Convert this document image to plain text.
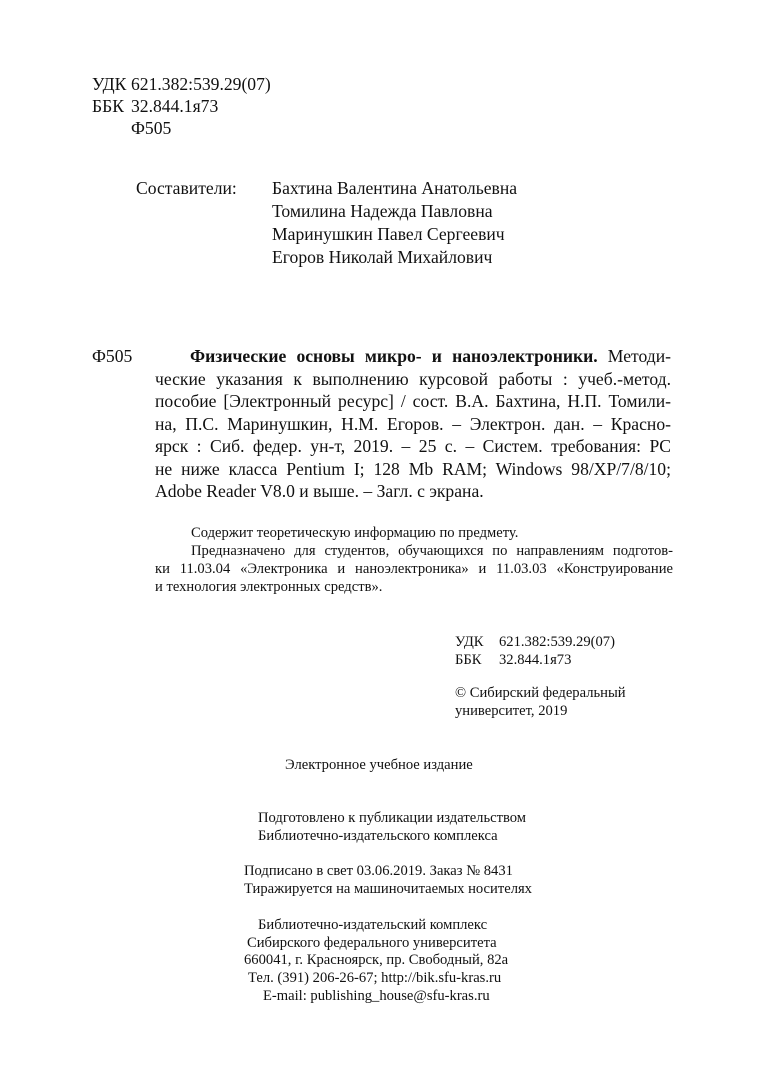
УДК 621.382:539.29(07)
ББК 32.844.1я73
Ф505
Составители: Бахтина Валентина Анатольевна
Томилина Надежда Павловна
Маринушкин Павел Сергеевич
Егоров Николай Михайлович
Ф505	Физические основы микро- и наноэлектроники. Методи-
ческие указания к выполнению курсовой работы : учеб.-метод.
пособие [Электронный ресурс] / сост. В.А. Бахтина, Н.П. Томили-
на, П.С. Маринушкин, Н.М. Егоров. – Электрон. дан. – Красно-
ярск : Сиб. федер. ун-т, 2019. – 25 с. – Систем. требования: PC
не ниже класса Pentium I; 128 Mb RAM; Windows 98/XP/7/8/10;
Adobe Reader V8.0 и выше. – Загл. с экрана.
Содержит теоретическую информацию по предмету.
Предназначено для студентов, обучающихся по направлениям подготов-
ки 11.03.04 «Электроника и наноэлектроника» и 11.03.03 «Конструирование
и технология электронных средств».
УДК 621.382:539.29(07)
ББК 32.844.1я73
© Сибирский федеральный
университет, 2019
Электронное учебное издание
Подготовлено к публикации издательством
Библиотечно-издательского комплекса
Подписано в свет 03.06.2019. Заказ № 8431
Тиражируется на машиночитаемых носителях
Библиотечно-издательский комплекс
Сибирского федерального университета
660041, г. Красноярск, пр. Свободный, 82а
Тел. (391) 206-26-67; http://bik.sfu-kras.ru
E-mail: publishing_house@sfu-kras.ru
